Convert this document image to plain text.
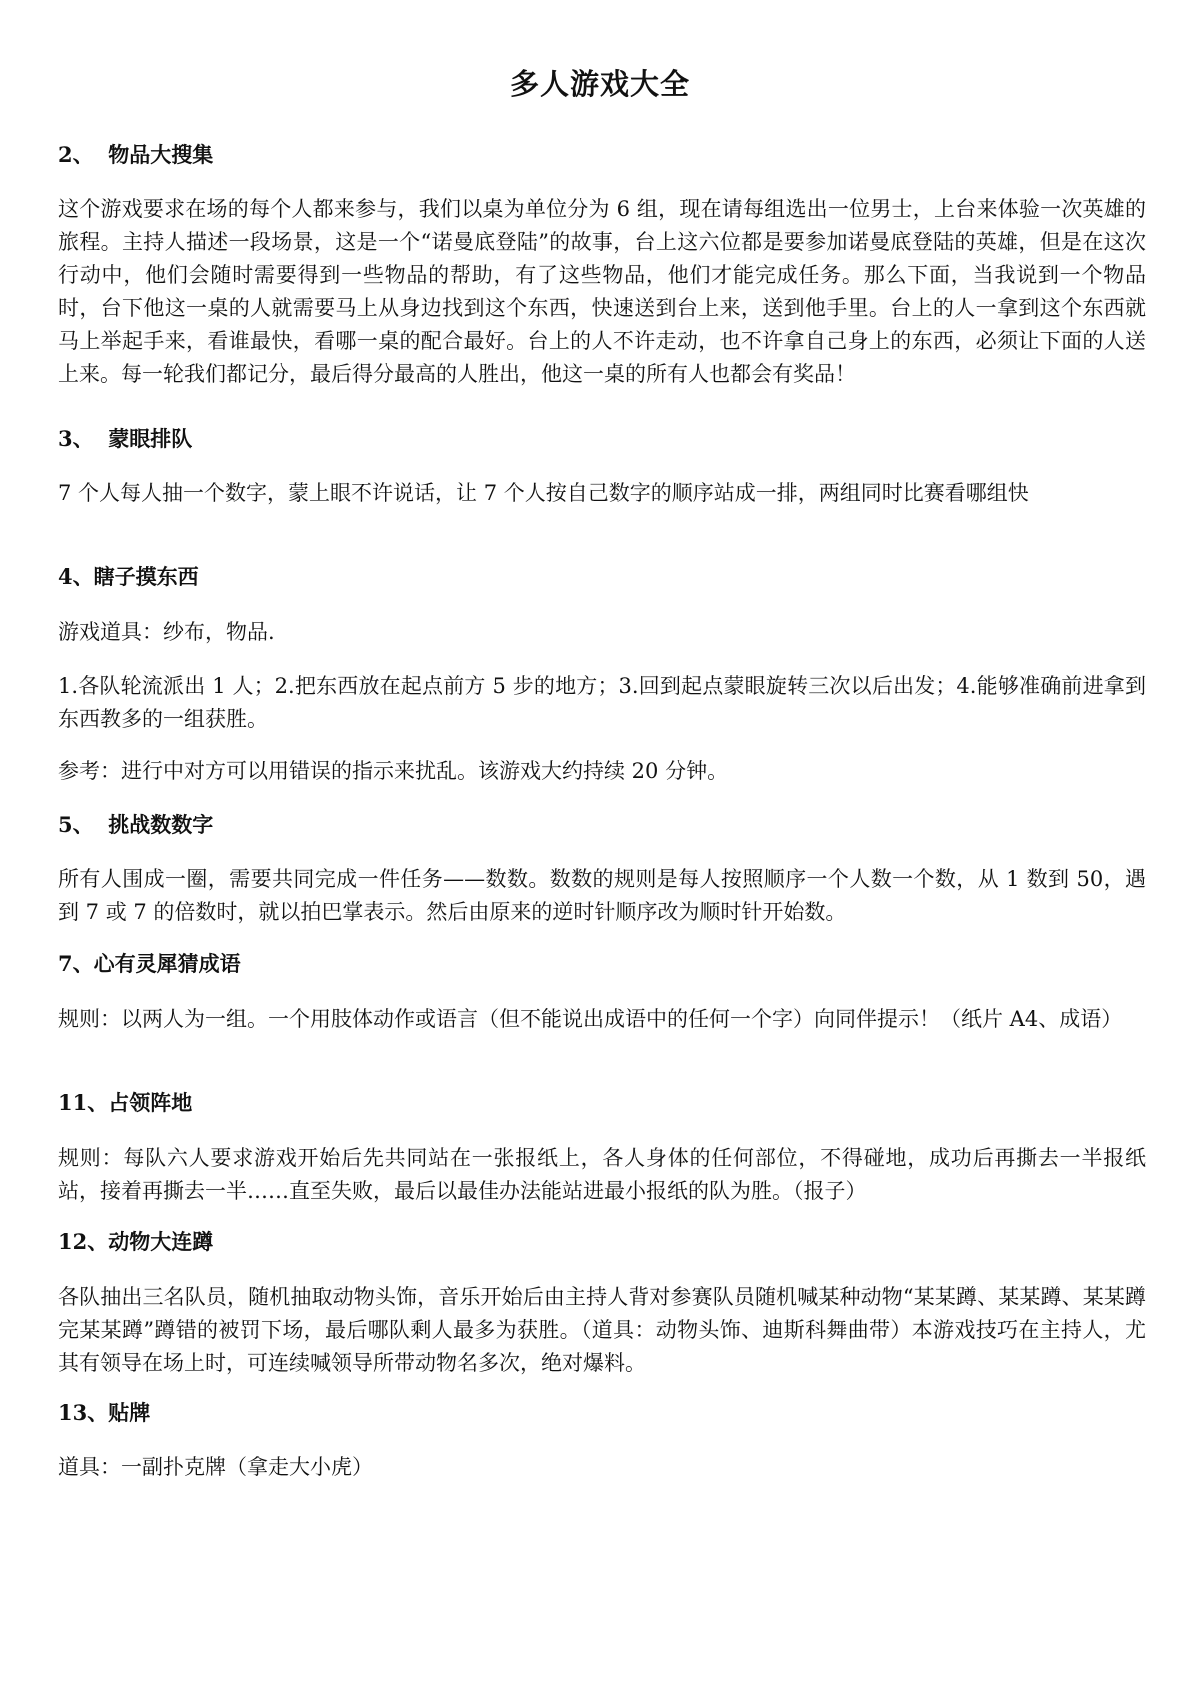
多人游戏大全
2、  物品大搜集

这个游戏要求在场的每个人都来参与，我们以桌为单位分为 6 组，现在请每组选出一位男士，上台来体验一次英雄的旅程。主持人描述一段场景，这是一个“诺曼底登陆”的故事，台上这六位都是要参加诺曼底登陆的英雄，但是在这次行动中，他们会随时需要得到一些物品的帮助，有了这些物品，他们才能完成任务。那么下面，当我说到一个物品时，台下他这一桌的人就需要马上从身边找到这个东西，快速送到台上来，送到他手里。台上的人一拿到这个东西就马上举起手来，看谁最快，看哪一桌的配合最好。台上的人不许走动，也不许拿自己身上的东西，必须让下面的人送上来。每一轮我们都记分，最后得分最高的人胜出，他这一桌的所有人也都会有奖品！

3、  蒙眼排队

7 个人每人抽一个数字，蒙上眼不许说话，让 7 个人按自己数字的顺序站成一排，两组同时比赛看哪组快

4、瞎子摸东西

游戏道具：纱布，物品.

1.各队轮流派出 1 人；2.把东西放在起点前方 5 步的地方；3.回到起点蒙眼旋转三次以后出发；4.能够准确前进拿到东西教多的一组获胜。

参考：进行中对方可以用错误的指示来扰乱。该游戏大约持续 20 分钟。

5、  挑战数数字

所有人围成一圈，需要共同完成一件任务——数数。数数的规则是每人按照顺序一个人数一个数，从 1 数到 50，遇到 7 或 7 的倍数时，就以拍巴掌表示。然后由原来的逆时针顺序改为顺时针开始数。

7、心有灵犀猜成语

规则：以两人为一组。一个用肢体动作或语言（但不能说出成语中的任何一个字）向同伴提示！（纸片 A4、成语）

11、占领阵地

规则：每队六人要求游戏开始后先共同站在一张报纸上，各人身体的任何部位，不得碰地，成功后再撕去一半报纸站，接着再撕去一半……直至失败，最后以最佳办法能站进最小报纸的队为胜。（报子）

12、动物大连蹲

各队抽出三名队员，随机抽取动物头饰，音乐开始后由主持人背对参赛队员随机喊某种动物“某某蹲、某某蹲、某某蹲完某某蹲”蹲错的被罚下场，最后哪队剩人最多为获胜。（道具：动物头饰、迪斯科舞曲带）本游戏技巧在主持人，尤其有领导在场上时，可连续喊领导所带动物名多次，绝对爆料。

13、贴牌

道具：一副扑克牌（拿走大小虎）
